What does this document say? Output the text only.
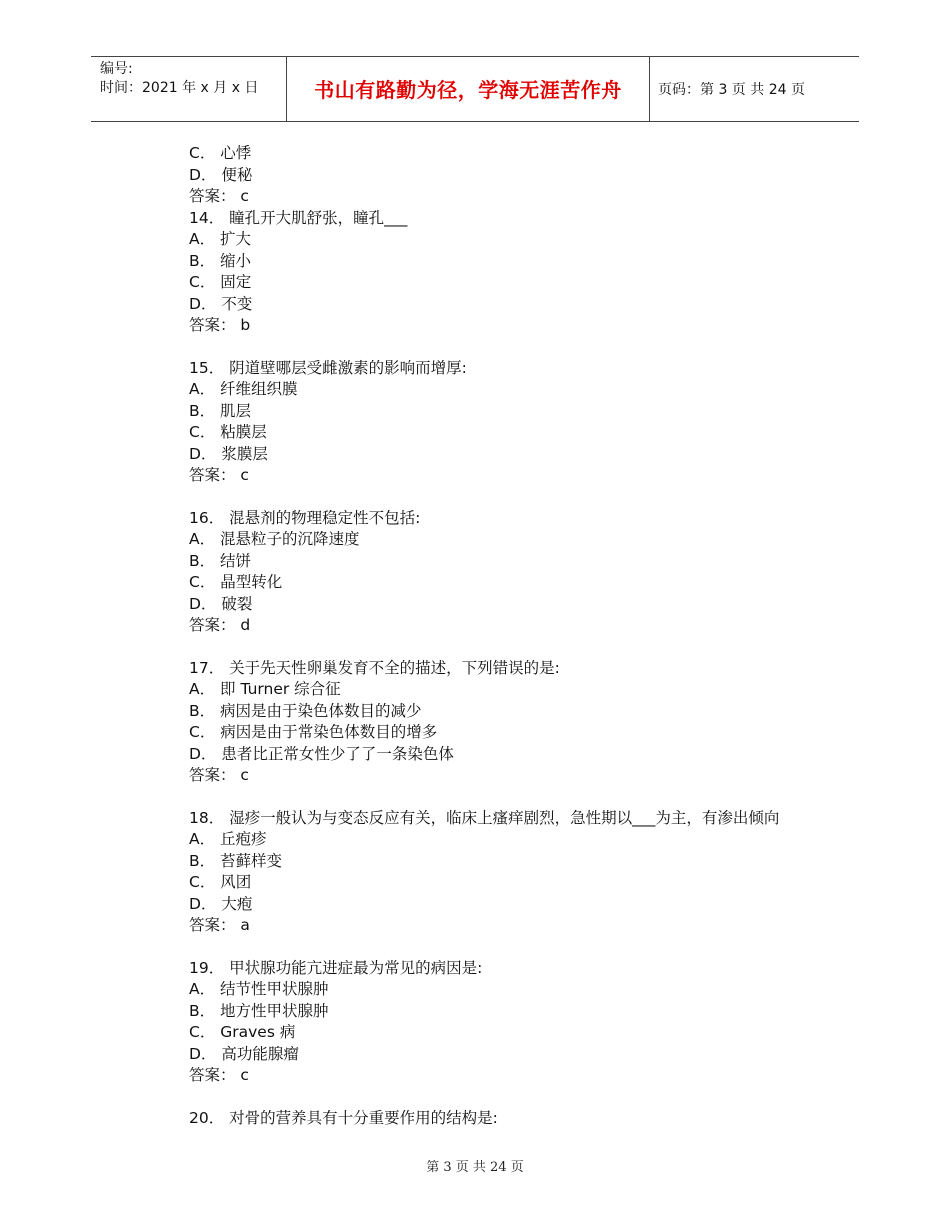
编号:
时间：2021 年 x 月 x 日	书山有路勤为径，学海无涯苦作舟	页码：第 3 页 共 24 页
C． 心悸
D． 便秘
答案： c
14． 瞳孔开大肌舒张，瞳孔___
A． 扩大
B． 缩小
C． 固定
D． 不变
答案： b
15． 阴道壁哪层受雌激素的影响而增厚:
A． 纤维组织膜
B． 肌层
C． 粘膜层
D． 浆膜层
答案： c
16． 混悬剂的物理稳定性不包括:
A． 混悬粒子的沉降速度
B． 结饼
C． 晶型转化
D． 破裂
答案： d
17． 关于先天性卵巢发育不全的描述，下列错误的是:
A． 即 Turner 综合征
B． 病因是由于染色体数目的减少
C． 病因是由于常染色体数目的增多
D． 患者比正常女性少了了一条染色体
答案： c
18． 湿疹一般认为与变态反应有关，临床上瘙痒剧烈，急性期以___为主，有渗出倾向
A． 丘疱疹
B． 苔藓样变
C． 风团
D． 大疱
答案： a
19． 甲状腺功能亢进症最为常见的病因是:
A． 结节性甲状腺肿
B． 地方性甲状腺肿
C． Graves 病
D． 高功能腺瘤
答案： c
20． 对骨的营养具有十分重要作用的结构是:
第 3 页 共 24 页
